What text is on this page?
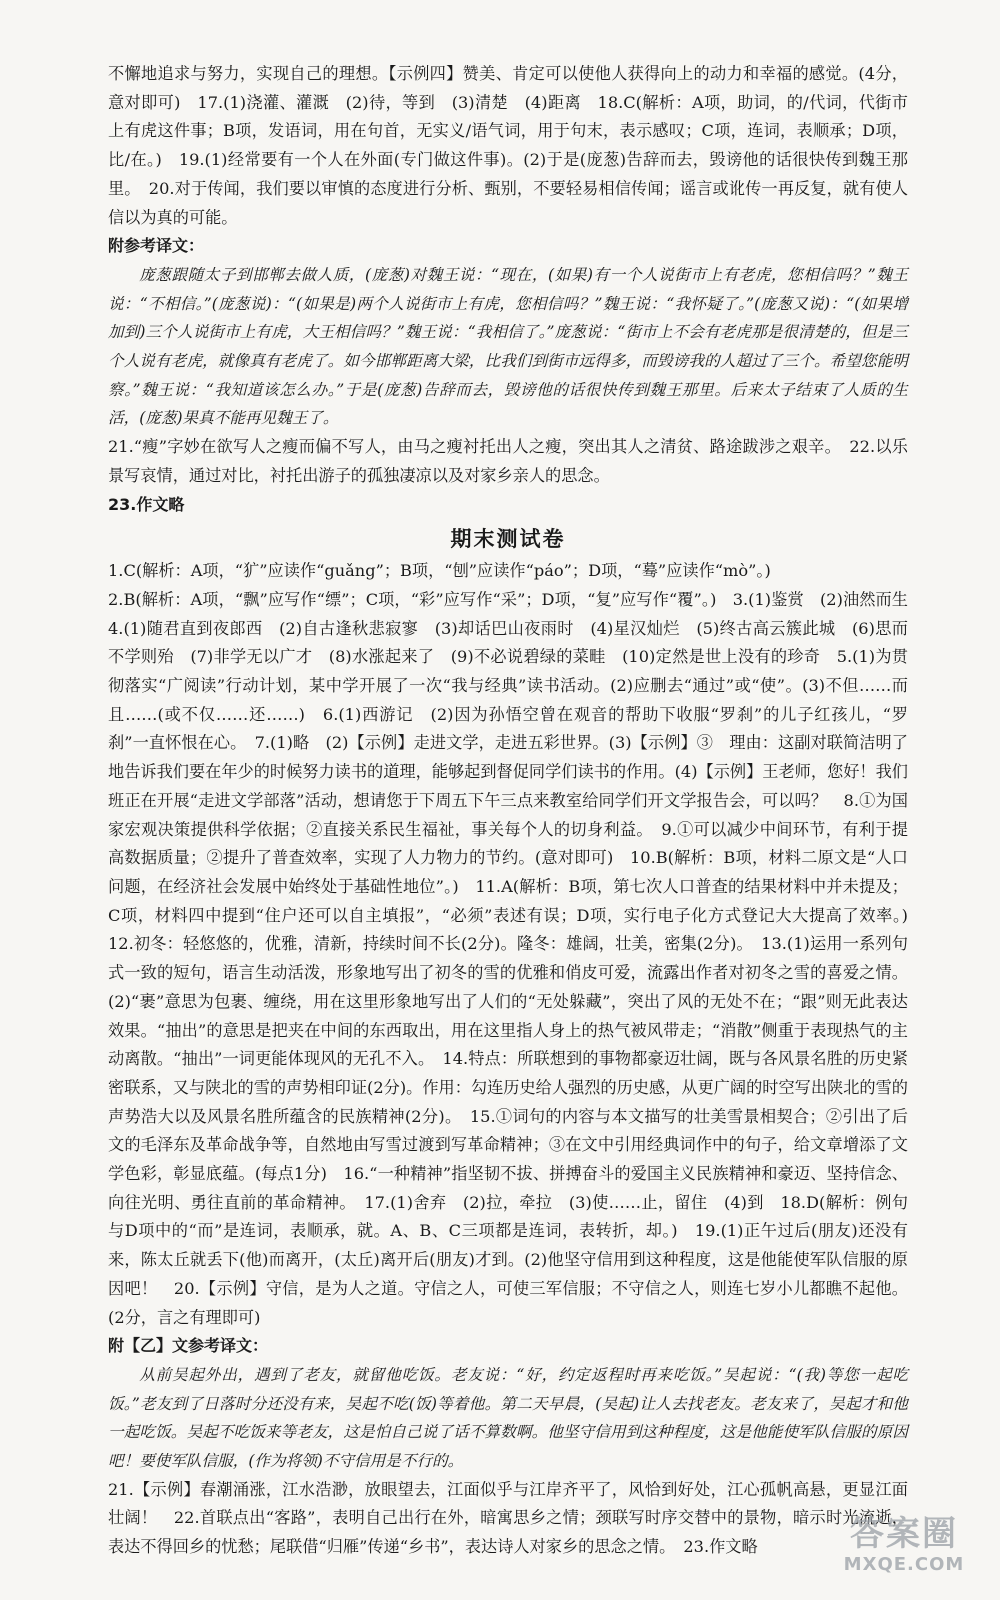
不懈地追求与努力，实现自己的理想。【示例四】赞美、肯定可以使他人获得向上的动力和幸福的感觉。(4分，意对即可)　17.(1)浇灌、灌溉　(2)待，等到　(3)清楚　(4)距离　18.C(解析：A项，助词，的/代词，代街市上有虎这件事；B项，发语词，用在句首，无实义/语气词，用于句末，表示感叹；C项，连词，表顺承；D项，比/在。)　19.(1)经常要有一个人在外面(专门做这件事)。(2)于是(庞葱)告辞而去，毁谤他的话很快传到魏王那里。　20.对于传闻，我们要以审慎的态度进行分析、甄别，不要轻易相信传闻；谣言或讹传一再反复，就有使人信以为真的可能。

附参考译文：

庞葱跟随太子到邯郸去做人质，(庞葱)对魏王说：“现在，(如果)有一个人说街市上有老虎，您相信吗？”魏王说：“不相信。”(庞葱说)：“(如果是)两个人说街市上有虎，您相信吗？”魏王说：“我怀疑了。”(庞葱又说)：“(如果增加到)三个人说街市上有虎，大王相信吗？”魏王说：“我相信了。”庞葱说：“街市上不会有老虎那是很清楚的，但是三个人说有老虎，就像真有老虎了。如今邯郸距离大梁，比我们到街市远得多，而毁谤我的人超过了三个。希望您能明察。”魏王说：“我知道该怎么办。”于是(庞葱)告辞而去，毁谤他的话很快传到魏王那里。后来太子结束了人质的生活，(庞葱)果真不能再见魏王了。

21.“瘦”字妙在欲写人之瘦而偏不写人，由马之瘦衬托出人之瘦，突出其人之清贫、路途跋涉之艰辛。　22.以乐景写哀情，通过对比，衬托出游子的孤独凄凉以及对家乡亲人的思念。

23.作文略

期末测试卷

1.C(解析：A项，“犷”应读作“guǎng”；B项，“刨”应读作“páo”；D项，“蓦”应读作“mò”。)
2.B(解析：A项，“飘”应写作“缥”；C项，“彩”应写作“采”；D项，“复”应写作“覆”。)　3.(1)鉴赏　(2)油然而生　4.(1)随君直到夜郎西　(2)自古逢秋悲寂寥　(3)却话巴山夜雨时　(4)星汉灿烂　(5)终古高云簇此城　(6)思而不学则殆　(7)非学无以广才　(8)水涨起来了　(9)不必说碧绿的菜畦　(10)定然是世上没有的珍奇　5.(1)为贯彻落实“广阅读”行动计划，某中学开展了一次“我与经典”读书活动。(2)应删去“通过”或“使”。(3)不但……而且……(或不仅……还……)　6.(1)西游记　(2)因为孙悟空曾在观音的帮助下收服“罗刹”的儿子红孩儿，“罗刹”一直怀恨在心。　7.(1)略　(2)【示例】走进文学，走进五彩世界。(3)【示例】③　理由：这副对联简洁明了地告诉我们要在年少的时候努力读书的道理，能够起到督促同学们读书的作用。(4)【示例】王老师，您好！我们班正在开展“走进文学部落”活动，想请您于下周五下午三点来教室给同学们开文学报告会，可以吗？　8.①为国家宏观决策提供科学依据；②直接关系民生福祉，事关每个人的切身利益。　9.①可以减少中间环节，有利于提高数据质量；②提升了普查效率，实现了人力物力的节约。(意对即可)　10.B(解析：B项，材料二原文是“人口问题，在经济社会发展中始终处于基础性地位”。)　11.A(解析：B项，第七次人口普查的结果材料中并未提及；C项，材料四中提到“住户还可以自主填报”，“必须”表述有误；D项，实行电子化方式登记大大提高了效率。)　12.初冬：轻悠悠的，优雅，清新，持续时间不长(2分)。隆冬：雄阔，壮美，密集(2分)。　13.(1)运用一系列句式一致的短句，语言生动活泼，形象地写出了初冬的雪的优雅和俏皮可爱，流露出作者对初冬之雪的喜爱之情。(2)“裹”意思为包裹、缠绕，用在这里形象地写出了人们的“无处躲藏”，突出了风的无处不在；“跟”则无此表达效果。“抽出”的意思是把夹在中间的东西取出，用在这里指人身上的热气被风带走；“消散”侧重于表现热气的主动离散。“抽出”一词更能体现风的无孔不入。　14.特点：所联想到的事物都豪迈壮阔，既与各风景名胜的历史紧密联系，又与陕北的雪的声势相印证(2分)。作用：勾连历史给人强烈的历史感，从更广阔的时空写出陕北的雪的声势浩大以及风景名胜所蕴含的民族精神(2分)。　15.①词句的内容与本文描写的壮美雪景相契合；②引出了后文的毛泽东及革命战争等，自然地由写雪过渡到写革命精神；③在文中引用经典词作中的句子，给文章增添了文学色彩，彰显底蕴。(每点1分)　16.“一种精神”指坚韧不拔、拼搏奋斗的爱国主义民族精神和豪迈、坚持信念、向往光明、勇往直前的革命精神。　17.(1)舍弃　(2)拉，牵拉　(3)使……止，留住　(4)到　18.D(解析：例句与D项中的“而”是连词，表顺承，就。A、B、C三项都是连词，表转折，却。)　19.(1)正午过后(朋友)还没有来，陈太丘就丢下(他)而离开，(太丘)离开后(朋友)才到。(2)他坚守信用到这种程度，这是他能使军队信服的原因吧！　20.【示例】守信，是为人之道。守信之人，可使三军信服；不守信之人，则连七岁小儿都瞧不起他。(2分，言之有理即可)

附【乙】文参考译文：

从前吴起外出，遇到了老友，就留他吃饭。老友说：“好，约定返程时再来吃饭。”吴起说：“(我)等您一起吃饭。”老友到了日落时分还没有来，吴起不吃(饭)等着他。第二天早晨，(吴起)让人去找老友。老友来了，吴起才和他一起吃饭。吴起不吃饭来等老友，这是怕自己说了话不算数啊。他坚守信用到这种程度，这是他能使军队信服的原因吧！要使军队信服，(作为将领)不守信用是不行的。

21.【示例】春潮涌涨，江水浩渺，放眼望去，江面似乎与江岸齐平了，风恰到好处，江心孤帆高悬，更显江面壮阔！　22.首联点出“客路”，表明自己出行在外，暗寓思乡之情；颈联写时序交替中的景物，暗示时光流逝，表达不得回乡的忧愁；尾联借“归雁”传递“乡书”，表达诗人对家乡的思念之情。　23.作文略	答案圈
MXQE.COM
